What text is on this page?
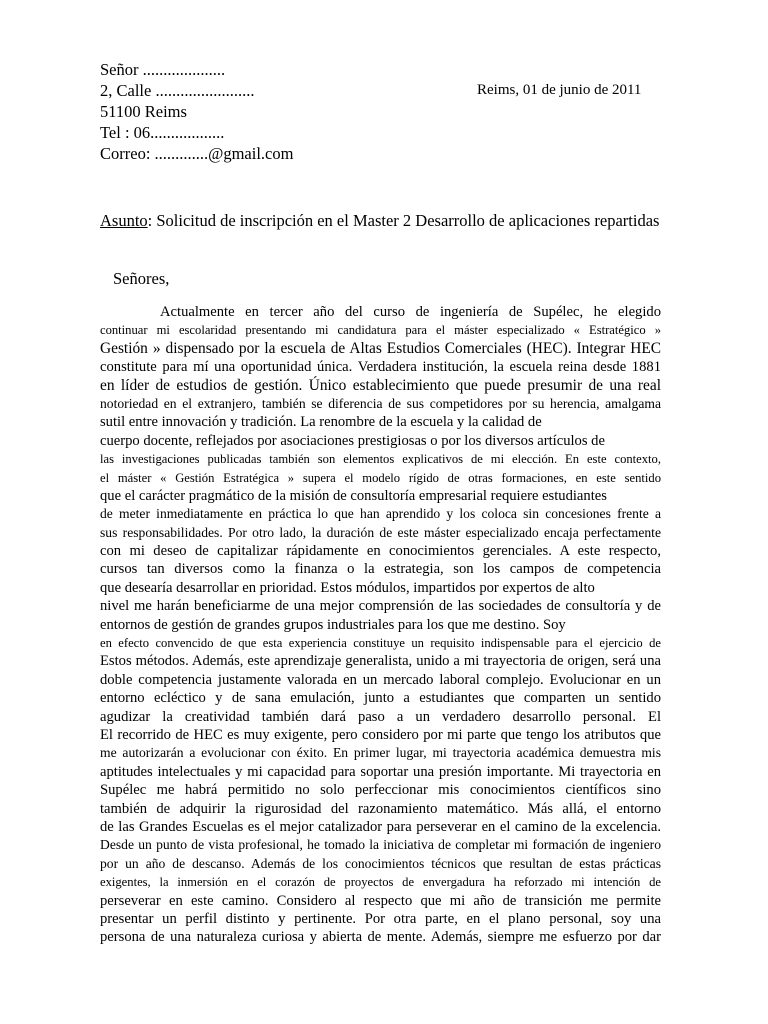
Señor ....................
2, Calle ........................
51100 Reims
Tel : 06..................
Correo: .............@gmail.com
Reims, 01 de junio de 2011
Asunto: Solicitud de inscripción en el Master 2 Desarrollo de aplicaciones repartidas
Señores,
Actualmente en tercer año del curso de ingeniería de Supélec, he elegido
continuar mi escolaridad presentando mi candidatura para el máster especializado « Estratégico »
Gestión » dispensado por la escuela de Altas Estudios Comerciales (HEC). Integrar HEC
constitute para mí una oportunidad única. Verdadera institución, la escuela reina desde 1881
en líder de estudios de gestión. Único establecimiento que puede presumir de una real
notoriedad en el extranjero, también se diferencia de sus competidores por su herencia, amalgama
sutil entre innovación y tradición. La renombre de la escuela y la calidad de
cuerpo docente, reflejados por asociaciones prestigiosas o por los diversos artículos de
las investigaciones publicadas también son elementos explicativos de mi elección. En este contexto,
el máster « Gestión Estratégica » supera el modelo rígido de otras formaciones, en este sentido
que el carácter pragmático de la misión de consultoría empresarial requiere estudiantes
de meter inmediatamente en práctica lo que han aprendido y los coloca sin concesiones frente a
sus responsabilidades. Por otro lado, la duración de este máster especializado encaja perfectamente
con mi deseo de capitalizar rápidamente en conocimientos gerenciales. A este respecto,
cursos tan diversos como la finanza o la estrategia, son los campos de competencia
que desearía desarrollar en prioridad. Estos módulos, impartidos por expertos de alto
nivel me harán beneficiarme de una mejor comprensión de las sociedades de consultoría y de
entornos de gestión de grandes grupos industriales para los que me destino. Soy
en efecto convencido de que esta experiencia constituye un requisito indispensable para el ejercicio de
Estos métodos. Además, este aprendizaje generalista, unido a mi trayectoria de origen, será una
doble competencia justamente valorada en un mercado laboral complejo. Evolucionar en un
entorno ecléctico y de sana emulación, junto a estudiantes que comparten un sentido
agudizar la creatividad también dará paso a un verdadero desarrollo personal. El
El recorrido de HEC es muy exigente, pero considero por mi parte que tengo los atributos que
me autorizarán a evolucionar con éxito. En primer lugar, mi trayectoria académica demuestra mis
aptitudes intelectuales y mi capacidad para soportar una presión importante. Mi trayectoria en
Supélec me habrá permitido no solo perfeccionar mis conocimientos científicos sino
también de adquirir la rigurosidad del razonamiento matemático. Más allá, el entorno
de las Grandes Escuelas es el mejor catalizador para perseverar en el camino de la excelencia.
Desde un punto de vista profesional, he tomado la iniciativa de completar mi formación de ingeniero
por un año de descanso. Además de los conocimientos técnicos que resultan de estas prácticas
exigentes, la inmersión en el corazón de proyectos de envergadura ha reforzado mi intención de
perseverar en este camino. Considero al respecto que mi año de transición me permite
presentar un perfil distinto y pertinente. Por otra parte, en el plano personal, soy una
persona de una naturaleza curiosa y abierta de mente. Además, siempre me esfuerzo por dar
